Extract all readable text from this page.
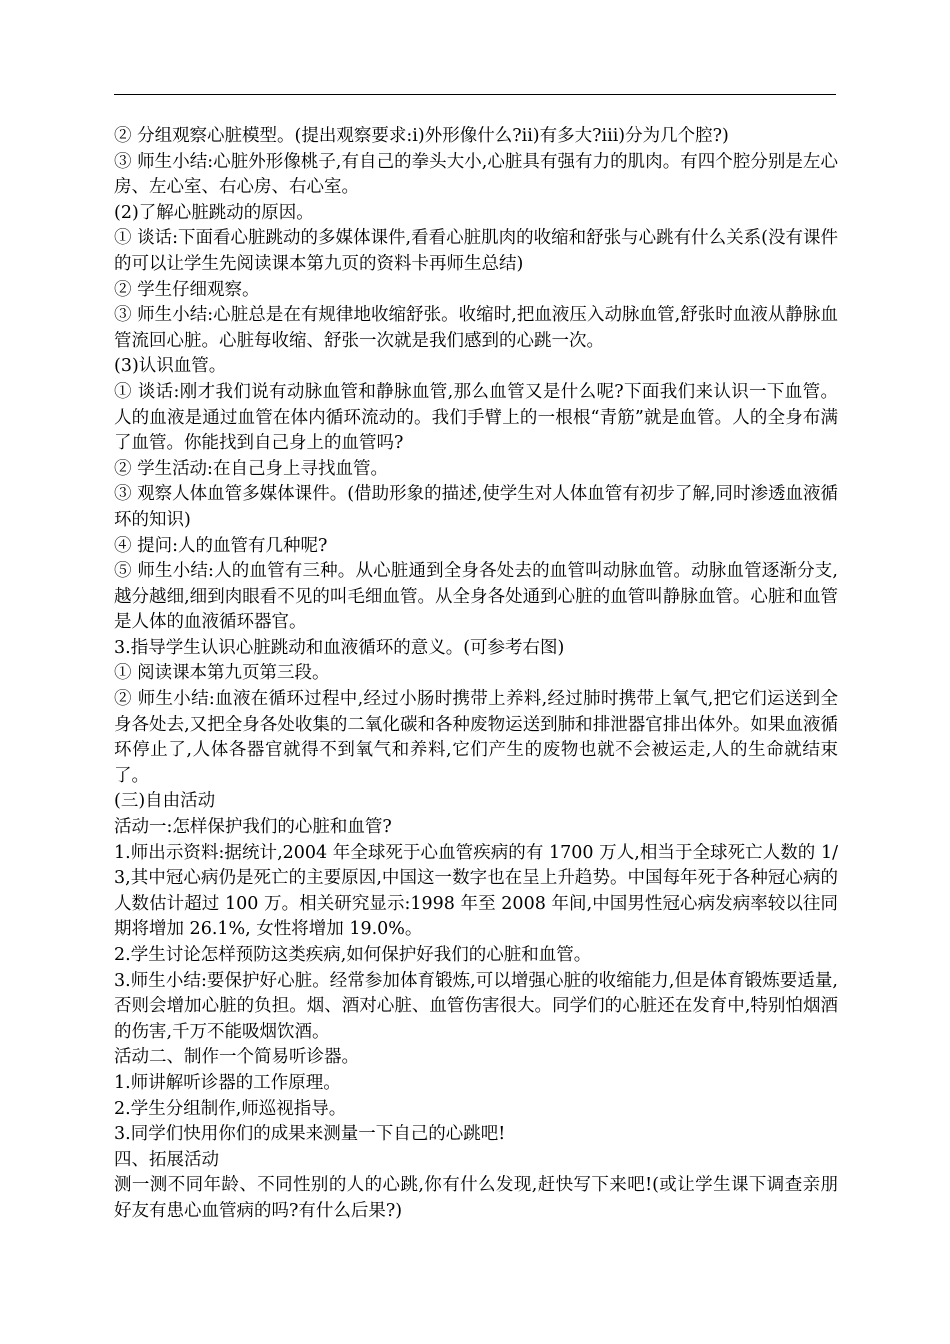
② 分组观察心脏模型。(提出观察要求:i)外形像什么?ii)有多大?iii)分为几个腔?)

③ 师生小结:心脏外形像桃子,有自己的拳头大小,心脏具有强有力的肌肉。有四个腔分别是左心房、左心室、右心房、右心室。

(2)了解心脏跳动的原因。

① 谈话:下面看心脏跳动的多媒体课件,看看心脏肌肉的收缩和舒张与心跳有什么关系(没有课件的可以让学生先阅读课本第九页的资料卡再师生总结)

② 学生仔细观察。

③ 师生小结:心脏总是在有规律地收缩舒张。收缩时,把血液压入动脉血管,舒张时血液从静脉血管流回心脏。心脏每收缩、舒张一次就是我们感到的心跳一次。

(3)认识血管。

① 谈话:刚才我们说有动脉血管和静脉血管,那么血管又是什么呢?下面我们来认识一下血管。人的血液是通过血管在体内循环流动的。我们手臂上的一根根“青筋”就是血管。人的全身布满了血管。你能找到自己身上的血管吗?

② 学生活动:在自己身上寻找血管。

③ 观察人体血管多媒体课件。(借助形象的描述,使学生对人体血管有初步了解,同时渗透血液循环的知识)

④ 提问:人的血管有几种呢?

⑤ 师生小结:人的血管有三种。从心脏通到全身各处去的血管叫动脉血管。动脉血管逐渐分支,越分越细,细到肉眼看不见的叫毛细血管。从全身各处通到心脏的血管叫静脉血管。心脏和血管是人体的血液循环器官。

3.指导学生认识心脏跳动和血液循环的意义。(可参考右图)

① 阅读课本第九页第三段。

② 师生小结:血液在循环过程中,经过小肠时携带上养料,经过肺时携带上氧气,把它们运送到全身各处去,又把全身各处收集的二氧化碳和各种废物运送到肺和排泄器官排出体外。如果血液循环停止了,人体各器官就得不到氧气和养料,它们产生的废物也就不会被运走,人的生命就结束了。

(三)自由活动

活动一:怎样保护我们的心脏和血管?

1.师出示资料:据统计,2004 年全球死于心血管疾病的有 1700 万人,相当于全球死亡人数的 1/3,其中冠心病仍是死亡的主要原因,中国这一数字也在呈上升趋势。中国每年死于各种冠心病的人数估计超过 100 万。相关研究显示:1998 年至 2008 年间,中国男性冠心病发病率较以往同期将增加 26.1%, 女性将增加 19.0%。

2.学生讨论怎样预防这类疾病,如何保护好我们的心脏和血管。

3.师生小结:要保护好心脏。经常参加体育锻炼,可以增强心脏的收缩能力,但是体育锻炼要适量,否则会增加心脏的负担。烟、酒对心脏、血管伤害很大。同学们的心脏还在发育中,特别怕烟酒的伤害,千万不能吸烟饮酒。

活动二、制作一个简易听诊器。

1.师讲解听诊器的工作原理。

2.学生分组制作,师巡视指导。

3.同学们快用你们的成果来测量一下自己的心跳吧!

四、拓展活动

测一测不同年龄、不同性别的人的心跳,你有什么发现,赶快写下来吧!(或让学生课下调查亲朋好友有患心血管病的吗?有什么后果?)
